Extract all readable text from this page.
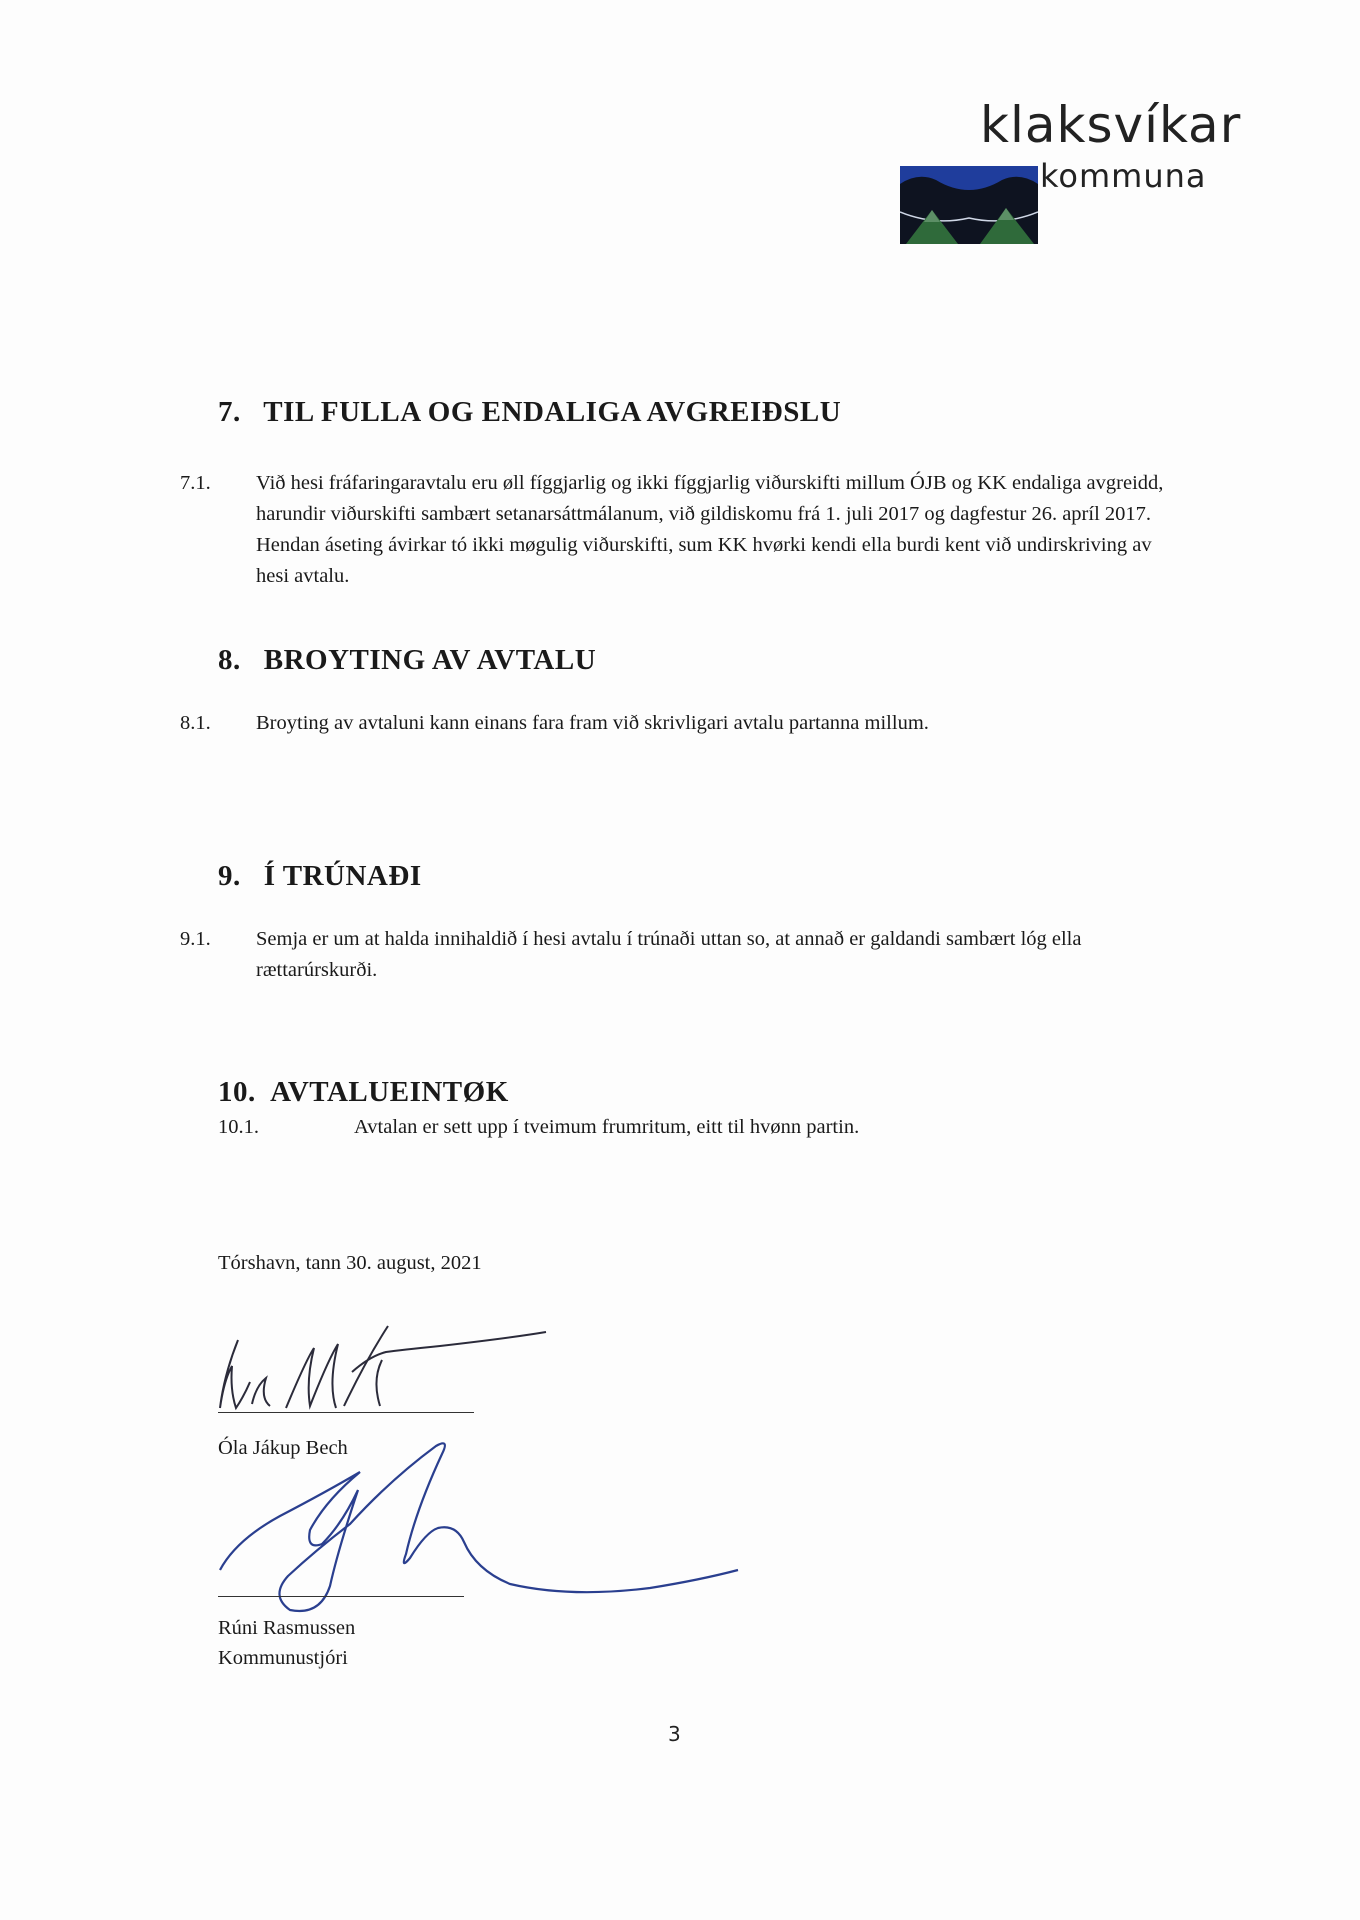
klaksvíkar
kommuna
7. TIL FULLA OG ENDALIGA AVGREIÐSLU

7.1. Við hesi fráfaringaravtalu eru øll fíggjarlig og ikki fíggjarlig viðurskifti millum ÓJB og KK endaliga avgreidd, harundir viðurskifti sambært setanarsáttmálanum, við gildiskomu frá 1. juli 2017 og dagfestur 26. apríl 2017. Hendan áseting ávirkar tó ikki møgulig viðurskifti, sum KK hvørki kendi ella burdi kent við undirskriving av hesi avtalu.

8. BROYTING AV AVTALU

8.1. Broyting av avtaluni kann einans fara fram við skrivligari avtalu partanna millum.

9. Í TRÚNAÐI

9.1. Semja er um at halda innihaldið í hesi avtalu í trúnaði uttan so, at annað er galdandi sambært lóg ella rættarúrskurði.

10. AVTALUEINTØK
10.1.	Avtalan er sett upp í tveimum frumritum, eitt til hvønn partin.
Tórshavn, tann 30. august, 2021
Óla Jákup Bech
Rúni Rasmussen
Kommunustjóri
3
